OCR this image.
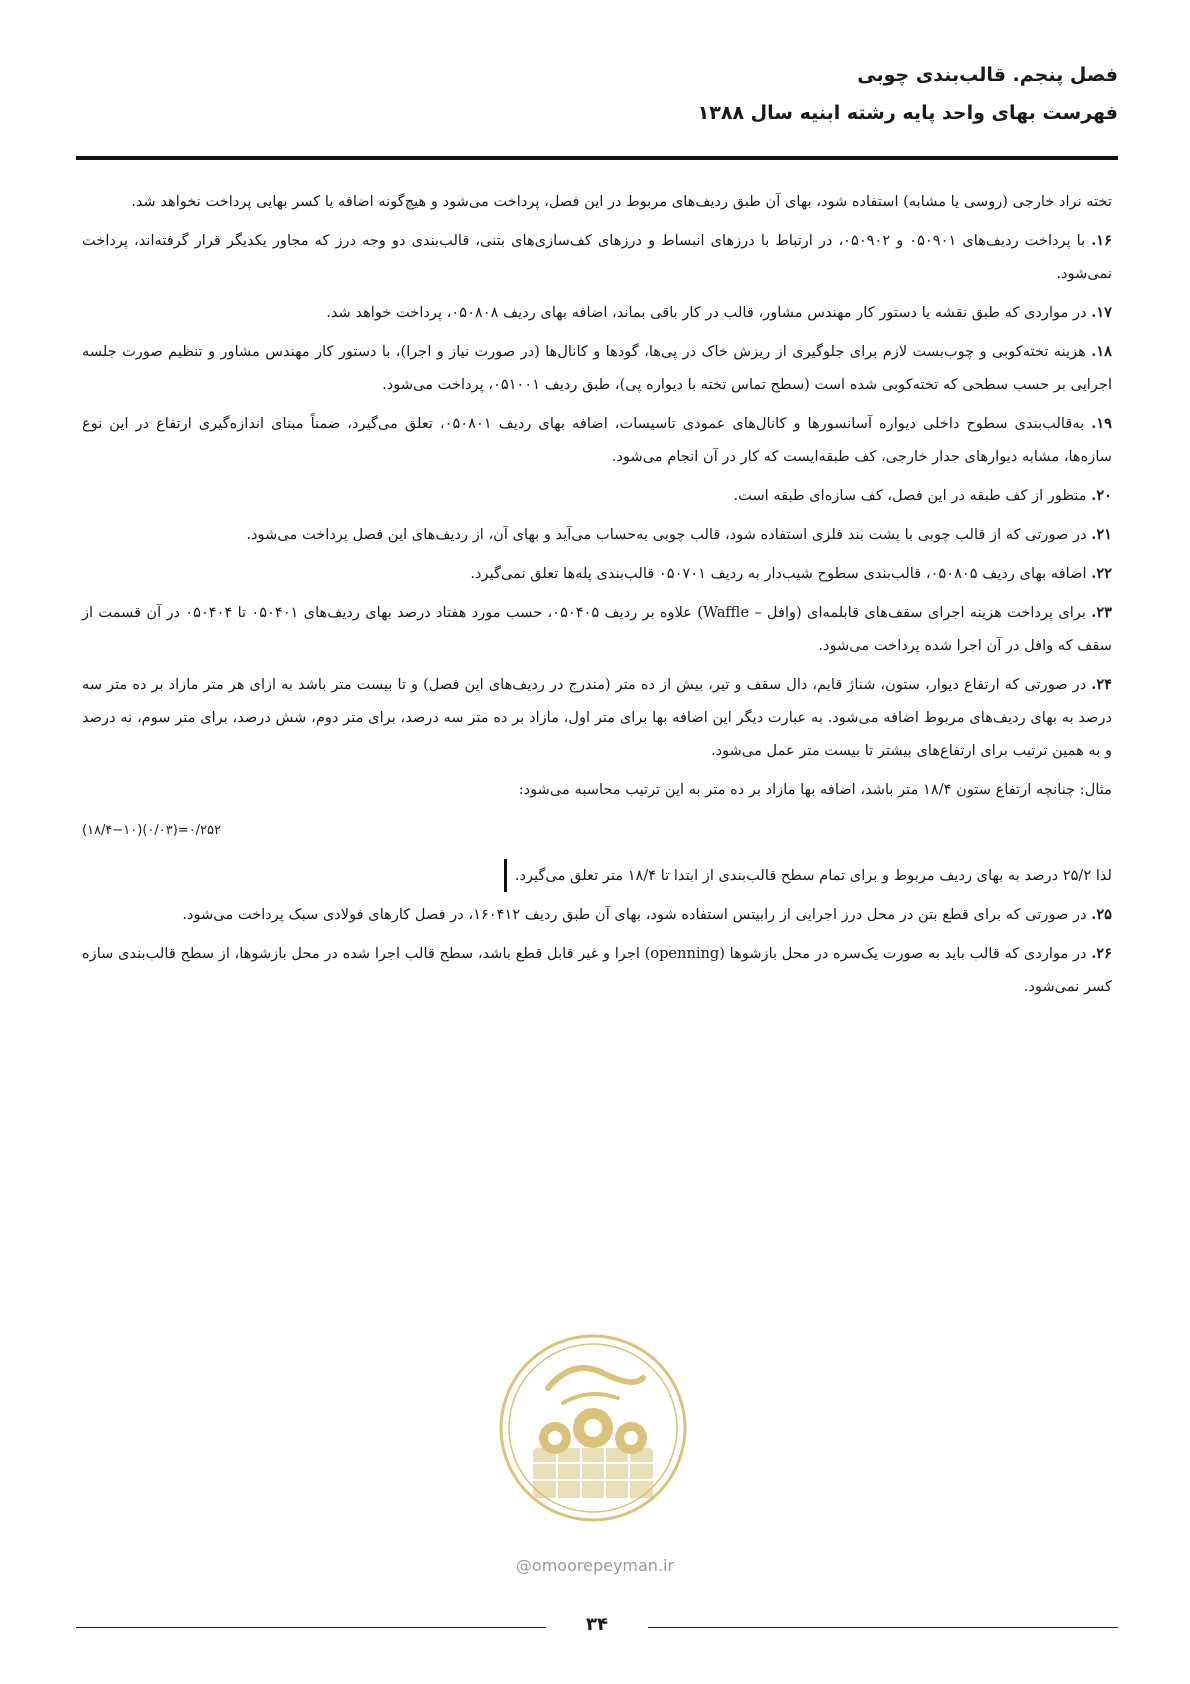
فصل پنجم. قالب‌بندی چوبی
فهرست بهای واحد پایه رشته ابنیه سال ۱۳۸۸

تخته نراد خارجی (روسی یا مشابه) استفاده شود، بهای آن طبق ردیف‌های مربوط در این فصل، پرداخت می‌شود و هیچ‌گونه اضافه یا کسر بهایی پرداخت نخواهد شد.

۱۶. با پرداخت ردیف‌های ۰۵۰۹۰۱ و ۰۵۰۹۰۲، در ارتباط با درزهای انبساط و درزهای کف‌سازی‌های بتنی، قالب‌بندی دو وجه درز که مجاور یکدیگر قرار گرفته‌اند، پرداخت نمی‌شود.

۱۷. در مواردی که طبق نقشه یا دستور کار مهندس مشاور، قالب در کار باقی بماند، اضافه بهای ردیف ۰۵۰۸۰۸، پرداخت خواهد شد.

۱۸. هزینه تخته‌کوبی و چوب‌بست لازم برای جلوگیری از ریزش خاک در پی‌ها، گودها و کانال‌ها (در صورت نیاز و اجرا)، با دستور کار مهندس مشاور و تنظیم صورت جلسه اجرایی بر حسب سطحی که تخته‌کوبی شده است (سطح تماس تخته با دیواره پی)، طبق ردیف ۰۵۱۰۰۱، پرداخت می‌شود.

۱۹. به‌قالب‌بندی سطوح داخلی دیواره آسانسورها و کانال‌های عمودی تاسیسات، اضافه بهای ردیف ۰۵۰۸۰۱، تعلق می‌گیرد، ضمناً مبنای اندازه‌گیری ارتفاع در این نوع سازه‌ها، مشابه دیوارهای جدار خارجی، کف طبقه‌ایست که کار در آن انجام می‌شود.

۲۰. منظور از کف طبقه در این فصل، کف سازه‌ای طبقه است.

۲۱. در صورتی که از قالب چوبی با پشت بند فلزی استفاده شود، قالب چوبی به‌حساب می‌آید و بهای آن، از ردیف‌های این فصل پرداخت می‌شود.

۲۲. اضافه بهای ردیف ۰۵۰۸۰۵، قالب‌بندی سطوح شیب‌دار به ردیف ۰۵۰۷۰۱ قالب‌بندی پله‌ها تعلق نمی‌گیرد.

۲۳. برای پرداخت هزینه اجرای سقف‌های قابلمه‌ای (وافل – Waffle) علاوه بر ردیف ۰۵۰۴۰۵، حسب مورد هفتاد درصد بهای ردیف‌های ۰۵۰۴۰۱ تا ۰۵۰۴۰۴ در آن قسمت از سقف که وافل در آن اجرا شده پرداخت می‌شود.

۲۴. در صورتی که ارتفاع دیوار، ستون، شناژ قایم، دال سقف و تیر، بیش از ده متر (مندرج در ردیف‌های این فصل) و تا بیست متر باشد به ازای هر متر مازاد بر ده متر سه درصد به بهای ردیف‌های مربوط اضافه می‌شود. به عبارت دیگر این اضافه بها برای متر اول، مازاد بر ده متر سه درصد، برای متر دوم، شش درصد، برای متر سوم، نه درصد و به همین ترتیب برای ارتفاع‌های بیشتر تا بیست متر عمل می‌شود.

مثال: چنانچه ارتفاع ستون ۱۸/۴ متر باشد، اضافه بها مازاد بر ده متر به این ترتیب محاسبه می‌شود:

(۱۸/۴−۱۰)(۰/۰۳)=۰/۲۵۲

لذا ۲۵/۲ درصد به بهای ردیف مربوط و برای تمام سطح قالب‌بندی از ابتدا تا ۱۸/۴ متر تعلق می‌گیرد.

۲۵. در صورتی که برای قطع بتن در محل درز اجرایی از رابیتس استفاده شود، بهای آن طبق ردیف ۱۶۰۴۱۲، در فصل کارهای فولادی سبک پرداخت می‌شود.

۲۶. در مواردی که قالب باید به صورت یک‌سره در محل بازشوها (openning) اجرا و غیر قابل قطع باشد، سطح قالب اجرا شده در محل بازشوها، از سطح قالب‌بندی سازه کسر نمی‌شود.

@omoorepeyman.ir
۳۴
